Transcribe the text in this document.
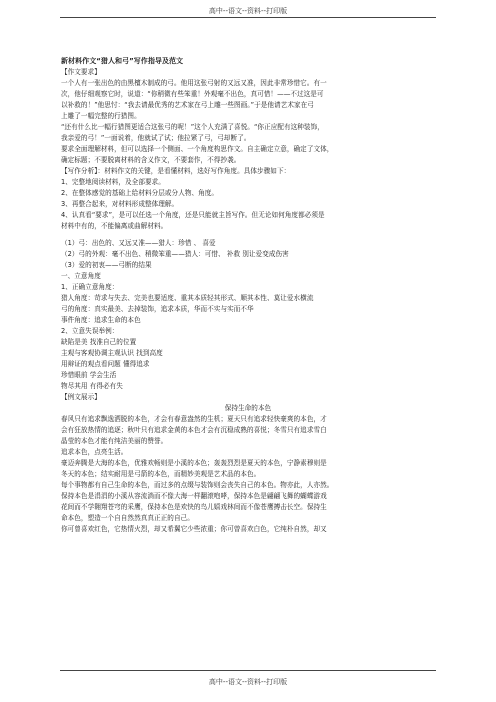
高中--语文--资料--打印版
新材料作文“猎人和弓”写作指导及范文
【作文要求】
一个人有一张出色的由黑檀木制成的弓。他用这张弓射的又远又准，因此非常珍惜它。有一
次，他仔细观察它时，说道：“你稍微有些笨重！外观毫不出色，真可惜！——不过这是可
以补救的！”他思忖：“我去请最优秀的艺术家在弓上雕一些图画。”于是他请艺术家在弓
上雕了一幅完整的行猎图。
“还有什么比一幅行猎图更适合这张弓的呢！”这个人充满了喜悦。“你正应配有这种装饰，
我亲爱的弓！”一面说着，他就试了试；他拉紧了弓，弓却断了。
要求全面理解材料，但可以选择一个侧面、一个角度构思作文。自主确定立意，确定了文体，
确定标题；不要脱离材料的含义作文，不要套作，不得抄袭。
【写作分析】：材料作文的关键，是看懂材料，选好写作角度。具体步骤如下：
1、完整地阅读材料，及全部要求。
2、在整体感觉的基础上给材料分层或分人物、角度。
3、再整合起来，对材料形成整体理解。
4、认真看“要求”，是可以任选一个角度，还是只能就主旨写作。但无论如何角度都必须是
材料中有的，不能偏离或曲解材料。
（1）弓：出色的、又远又准——猎人：珍惜 、 喜爱
（2）弓的外观：毫不出色、稍微笨重——猎人：可惜、 补救 别让爱变成伤害
（3）爱的初衷——弓断的结果
一、立意角度
1、正确立意角度：
猎人角度：苛求与失去、完美也要适度、重其本质轻其形式、顺其本性、莫让爱水横流
弓的角度：真实最美、去掉装饰，追求本质，华而不实与实而不华
事件角度：追求生命的本色
2、立意失误举例：
缺陷是美 找准自己的位置
主观与客观协调主观认识 找到高度
用辩证的观点看问题 懂得追求
珍惜眼前 学会生活
物尽其用 有得必有失
【例文展示】
保持生命的本色
春风只有追求飘逸洒脱的本色，才会有春意盎然的生机；夏天只有追求轻快豪爽的本色，才
会有狂放热情的追逐；秋叶只有追求金黄的本色才会有沉稳成熟的喜悦；冬雪只有追求雪白
晶莹的本色才能有纯洁美丽的赞誉。
追求本色，点亮生活。
豪迈奔腾是大海的本色，优雅欢畅则是小溪的本色；轰轰烈烈是夏天的本色，宁静素穆则是
冬天的本色；结实耐用是弓箭的本色，而精妙美观是艺术品的本色。
每个事物都有自己生命的本色，而过多的点缀与装饰则会丧失自己的本色。物亦此，人亦然。
保持本色是涓涓的小溪从容流淌而不像大海一样翻滚咆哮，保持本色是翩翩飞舞的蝴蝶游戏
花间而不学翱翔苍穹的采鹰，保持本色是欢快的鸟儿嬉戏林间而不像苍鹰搏击长空。保持生
命本色，塑造一个自自然然真真正正的自己。
你可曾喜欢红色，它热情火烈，却又希翼它少些浓重；你可曾喜欢白色，它纯朴自然，却又
高中--语文--资料--打印版
